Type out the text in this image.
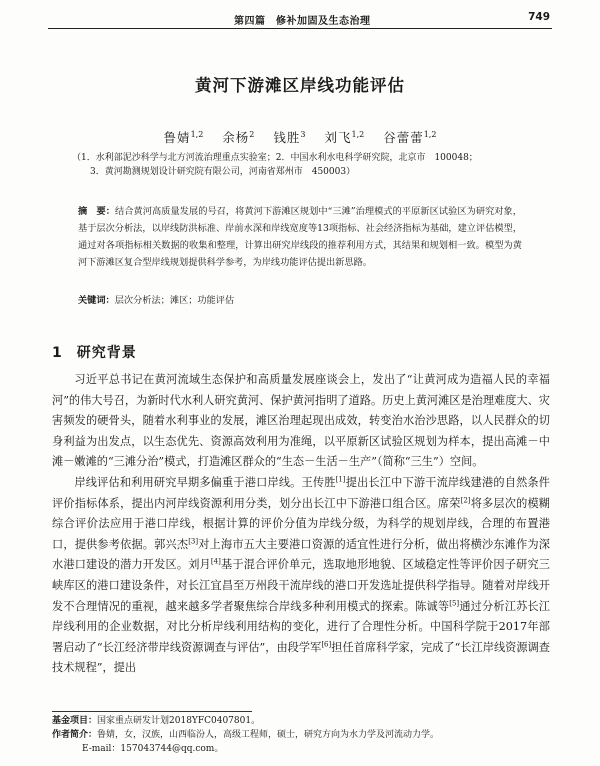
第四篇　修补加固及生态治理	749
黄河下游滩区岸线功能评估
鲁婧$^{1,2}$ 余杨$^2$ 钱胜$^3$ 刘飞$^{1,2}$ 谷蕾蕾$^{1,2}$
（1．水利部泥沙科学与北方河流治理重点实验室；2．中国水利水电科学研究院，北京市　100048；
3．黄河勘测规划设计研究院有限公司，河南省郑州市　450003）
摘　要：结合黄河高质量发展的号召，将黄河下游滩区规划中“三滩”治理模式的平原新区试验区为研究对象，基于层次分析法，以岸线防洪标准、岸前水深和岸线宽度等13项指标、社会经济指标为基础，建立评估模型，通过对各项指标相关数据的收集和整理，计算出研究岸线段的推荐利用方式，其结果和规划相一致。模型为黄河下游滩区复合型岸线规划提供科学参考，为岸线功能评估提出新思路。
关键词：层次分析法；滩区；功能评估
1 研究背景

习近平总书记在黄河流域生态保护和高质量发展座谈会上，发出了“让黄河成为造福人民的幸福河”的伟大号召，为新时代水利人研究黄河、保护黄河指明了道路。历史上黄河滩区是治理难度大、灾害频发的硬骨头，随着水利事业的发展，滩区治理起现出成效，转变治水治沙思路，以人民群众的切身利益为出发点，以生态优先、资源高效利用为准绳，以平原新区试验区规划为样本，提出高滩－中滩－嫩滩的“三滩分治”模式，打造滩区群众的“生态－生活－生产”（简称“三生”）空间。

岸线评估和利用研究早期多偏重于港口岸线。王传胜[1]提出长江中下游干流岸线建港的自然条件评价指标体系，提出内河岸线资源利用分类，划分出长江中下游港口组合区。席荣[2]将多层次的模糊综合评价法应用于港口岸线，根据计算的评价分值为岸线分级，为科学的规划岸线，合理的布置港口，提供参考依据。郭兴杰[3]对上海市五大主要港口资源的适宜性进行分析，做出将横沙东滩作为深水港口建设的潜力开发区。刘月[4]基于混合评价单元，选取地形地貌、区域稳定性等评价因子研究三峡库区的港口建设条件，对长江宜昌至万州段干流岸线的港口开发选址提供科学指导。随着对岸线开发不合理情况的重视，越来越多学者聚焦综合岸线多种利用模式的探索。陈诚等[5]通过分析江苏长江岸线利用的企业数据，对比分析岸线利用结构的变化，进行了合理性分析。中国科学院于2017年部署启动了“长江经济带岸线资源调查与评估”，由段学军[6]担任首席科学家，完成了“长江岸线资源调查技术规程”，提出

基金项目：国家重点研发计划2018YFC0407801。
作者简介：鲁婧，女，汉族，山西临汾人，高级工程师，硕士，研究方向为水力学及河流动力学。
E-mail：157043744@qq.com。
